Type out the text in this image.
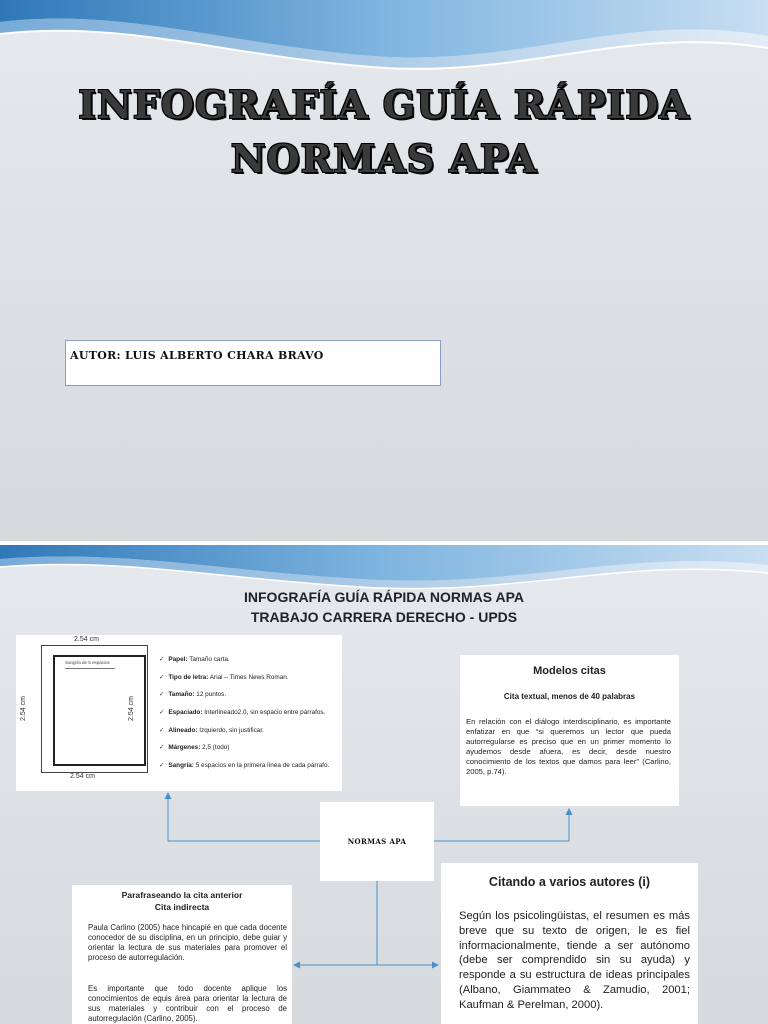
INFOGRAFÍA GUÍA RÁPIDA
NORMAS APA
AUTOR: LUIS ALBERTO CHARA BRAVO
INFOGRAFÍA GUÍA RÁPIDA NORMAS APA
TRABAJO CARRERA DERECHO - UPDS
2.54 cm
2.54 cm
2.54 cm	2.54 cm
Sangría de 5 espacios	✓ Papel: Tamaño carta.
✓ Tipo de letra: Arial – Times News Roman.
✓ Tamaño: 12 puntos.
✓ Espaciado: Interlineado2.0, sin espacio entre párrafos.
✓ Alineado: Izquierdo, sin justificar.
✓ Márgenes: 2,5 (todo)
✓ Sangría: 5 espacios en la primera línea de cada párrafo.
Modelos citas
Cita textual, menos de 40 palabras

En relación con el diálogo interdisciplinario, es importante enfatizar en que “si queremos un lector que pueda autorregularse es preciso que en un primer momento lo ayudemos desde afuera, es decir, desde nuestro conocimiento de los textos que damos para leer” (Carlino, 2005, p.74).

NORMAS APA
Parafraseando la cita anterior
Cita indirecta

Paula Carlino (2005) hace hincapié en que cada docente conocedor de su disciplina, en un principio, debe guiar y orientar la lectura de sus materiales para promover el proceso de autorregulación.

Es importante que todo docente aplique los conocimientos de equis área para orientar la lectura de sus materiales y contribuir con el proceso de autorregulación (Carlino, 2005).

Citando a varios autores (i)

Según los psicolingüistas, el resumen es más breve que su texto de origen, le es fiel informacionalmente, tiende a ser autónomo (debe ser comprendido sin su ayuda) y responde a su estructura de ideas principales (Albano, Giammateo & Zamudio, 2001; Kaufman & Perelman, 2000).
